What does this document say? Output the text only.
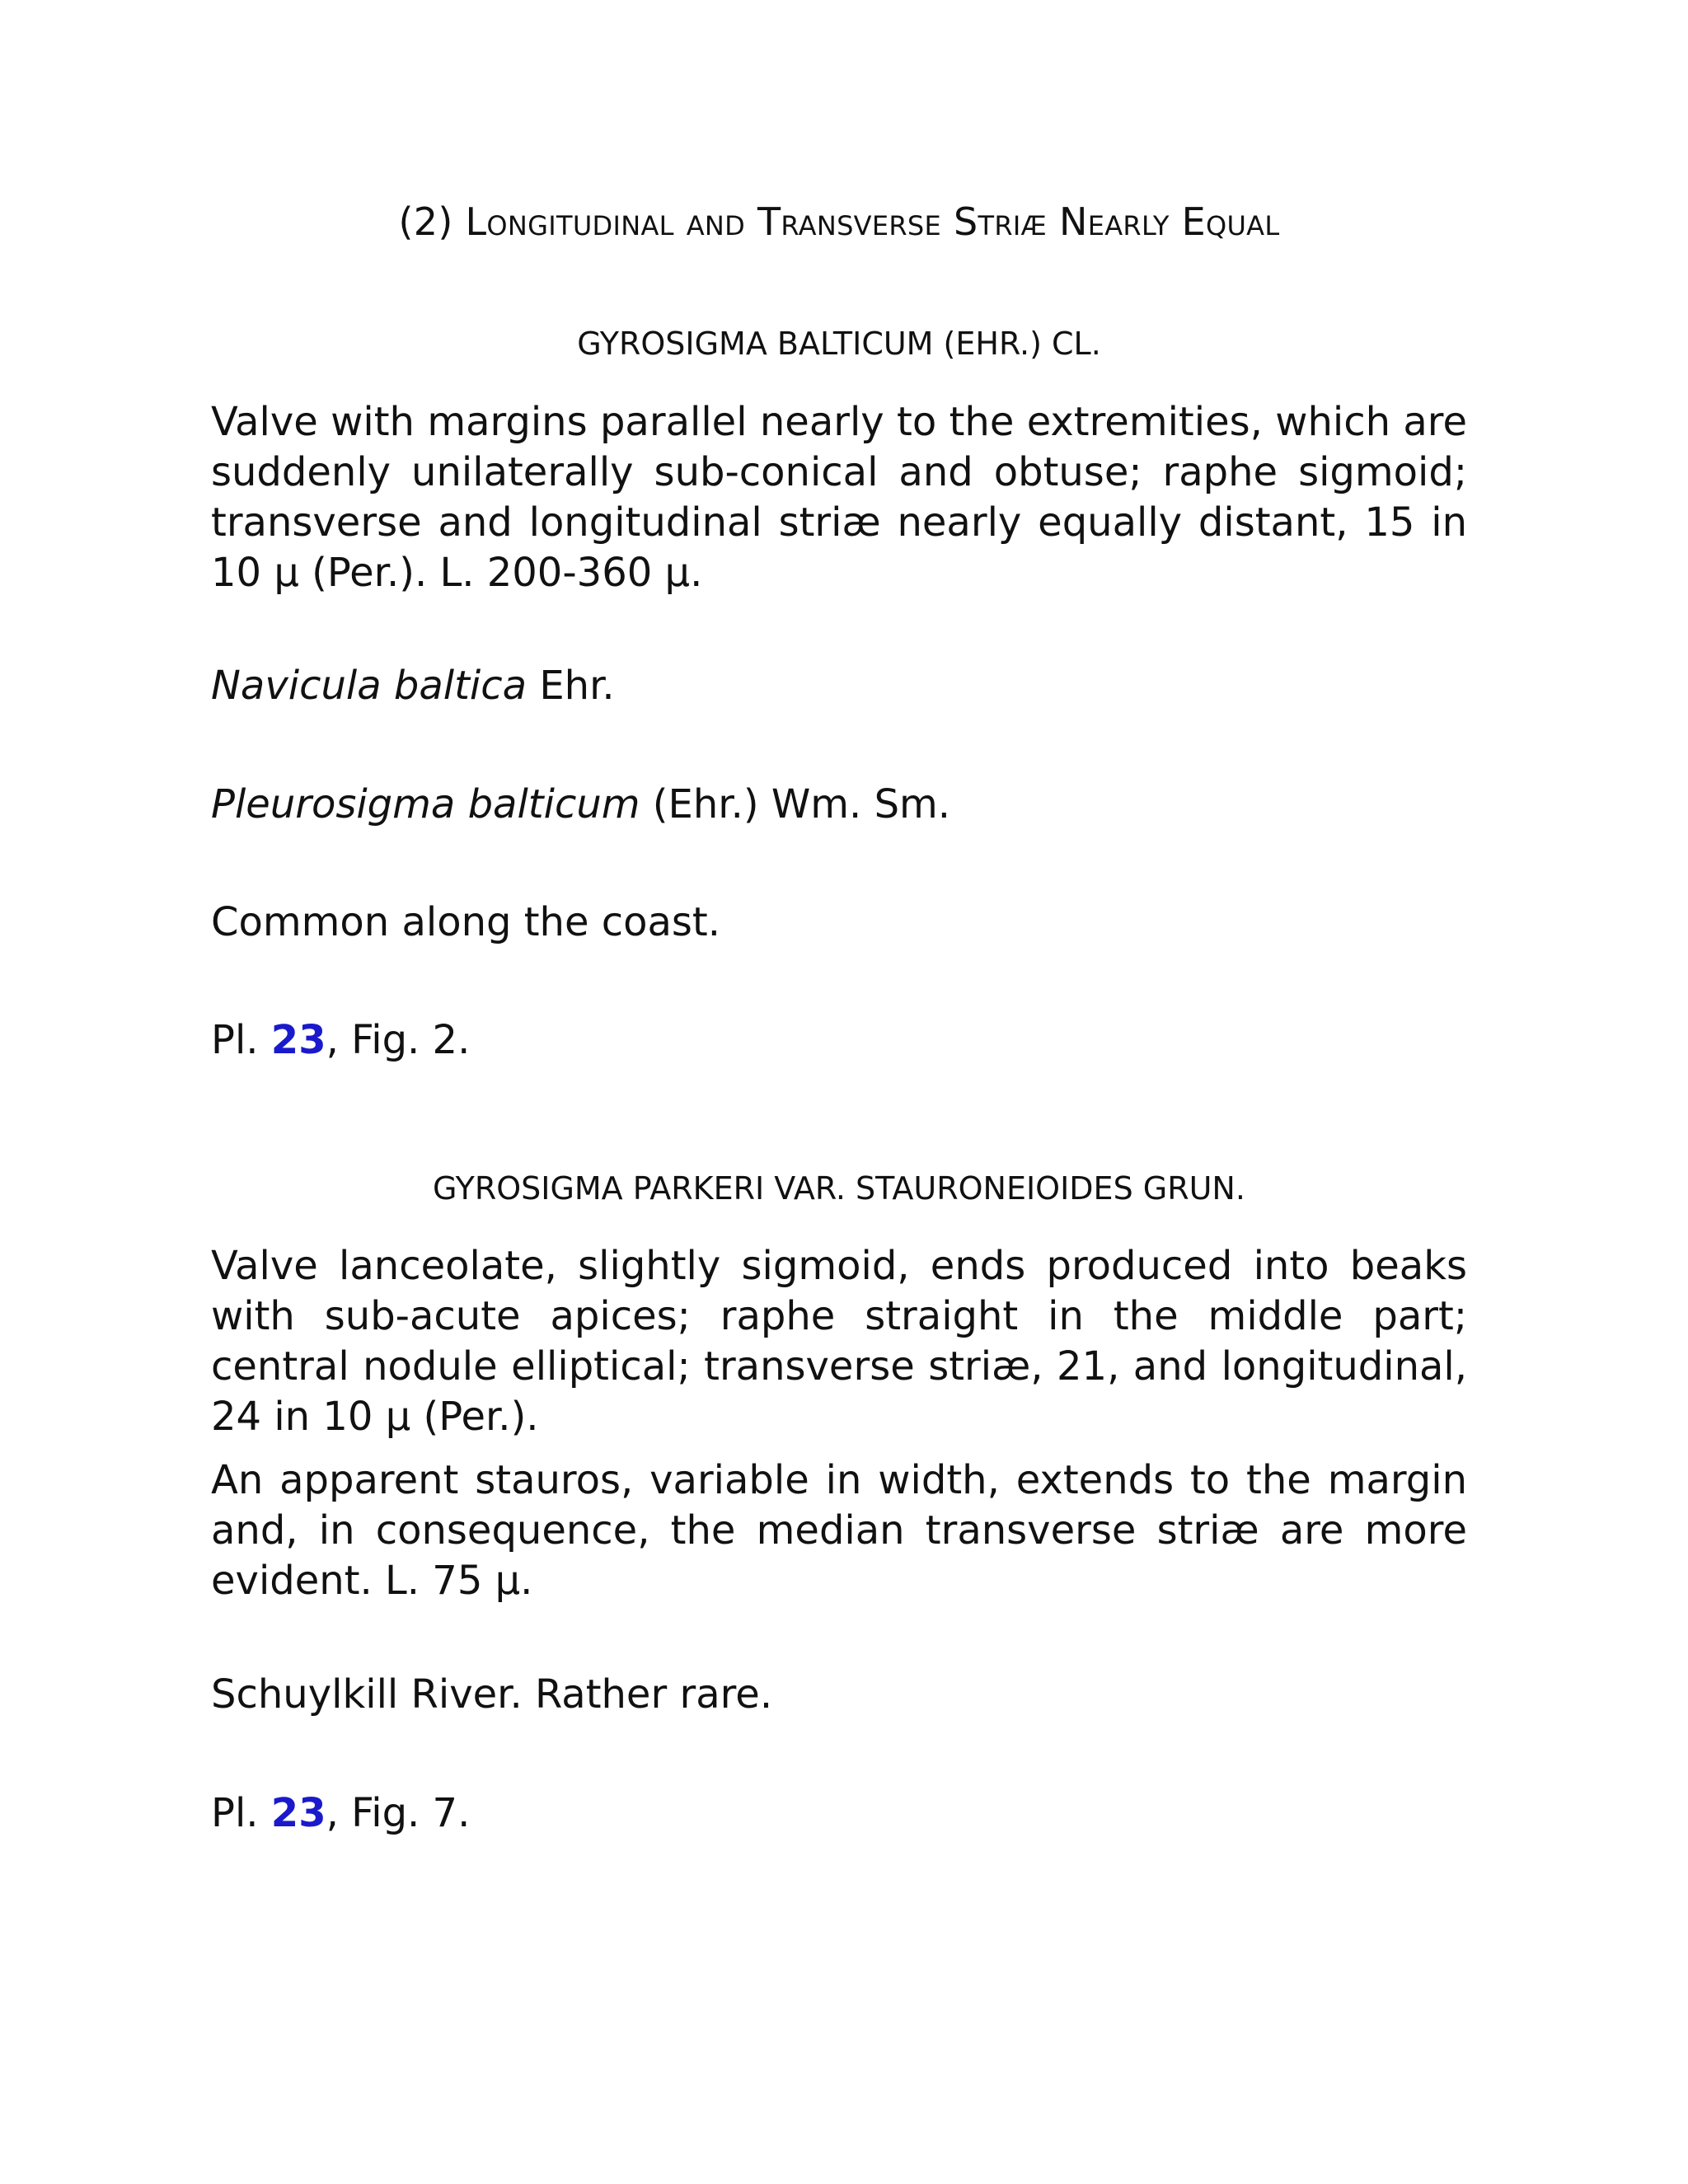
(2) Longitudinal and Transverse Striæ Nearly Equal
GYROSIGMA BALTICUM (EHR.) CL.

Valve with margins parallel nearly to the extremities, which are suddenly unilaterally sub-conical and obtuse; raphe sigmoid; transverse and longitudinal striæ nearly equally distant, 15 in 10 µ (Per.). L. 200-360 µ.

Navicula baltica Ehr.

Pleurosigma balticum (Ehr.) Wm. Sm.

Common along the coast.

Pl. 23, Fig. 2.

GYROSIGMA PARKERI VAR. STAURONEIOIDES GRUN.

Valve lanceolate, slightly sigmoid, ends produced into beaks with sub-acute apices; raphe straight in the middle part; central nodule elliptical; transverse striæ, 21, and longitudinal, 24 in 10 µ (Per.).

An apparent stauros, variable in width, extends to the margin and, in consequence, the median transverse striæ are more evident. L. 75 µ.

Schuylkill River. Rather rare.

Pl. 23, Fig. 7.
